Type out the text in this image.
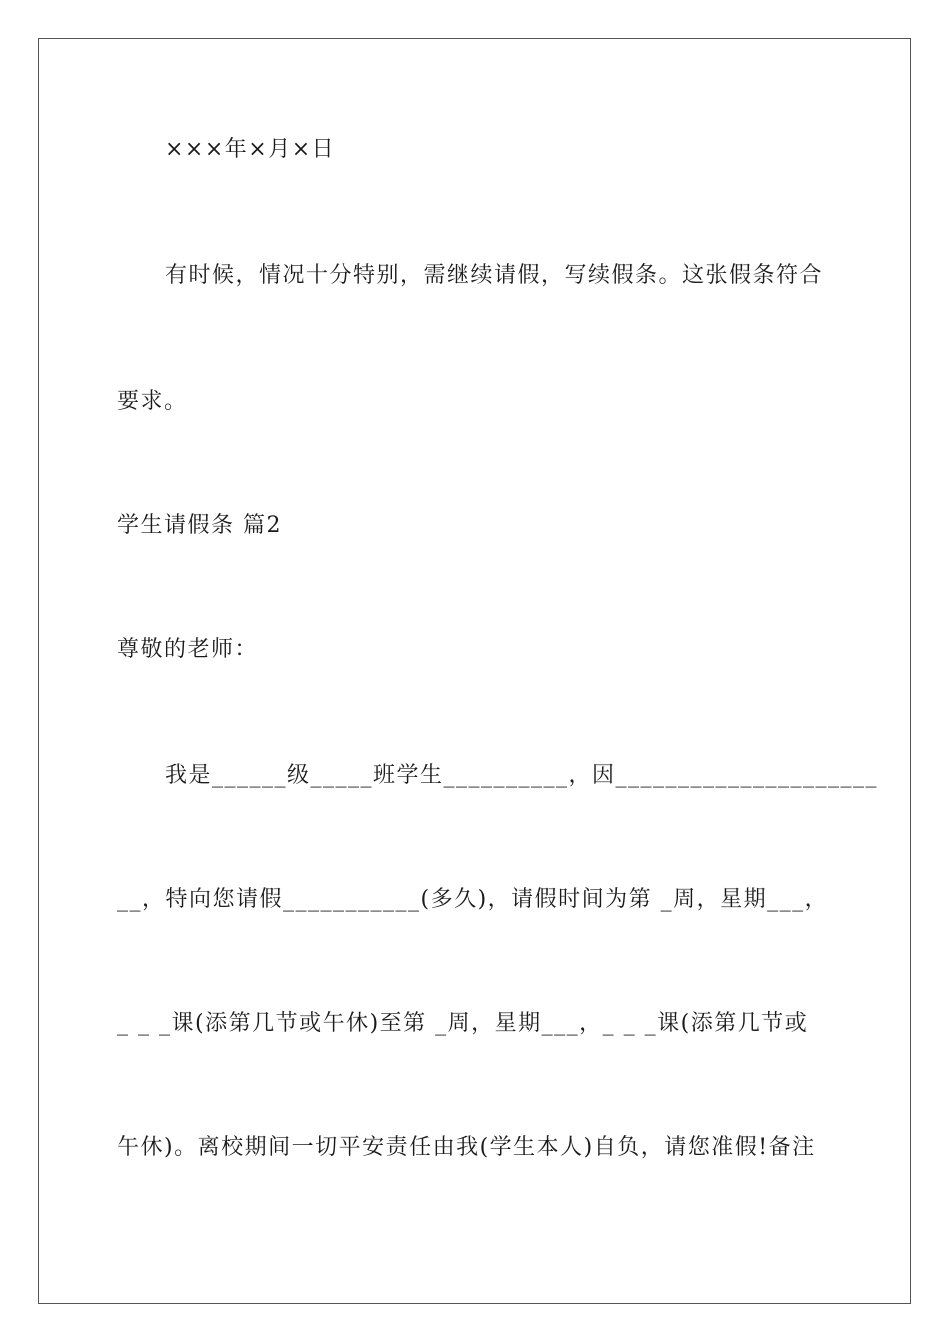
×××年×月×日
有时候，情况十分特别，需继续请假，写续假条。这张假条符合
要求。
学生请假条 篇2
尊敬的老师：
我是______级_____班学生__________，因_____________________
__，特向您请假___________(多久)，请假时间为第 _周，星期___，
_ _ _课(添第几节或午休)至第 _周，星期___，_ _ _课(添第几节或
午休)。离校期间一切平安责任由我(学生本人)自负，请您准假!备注
